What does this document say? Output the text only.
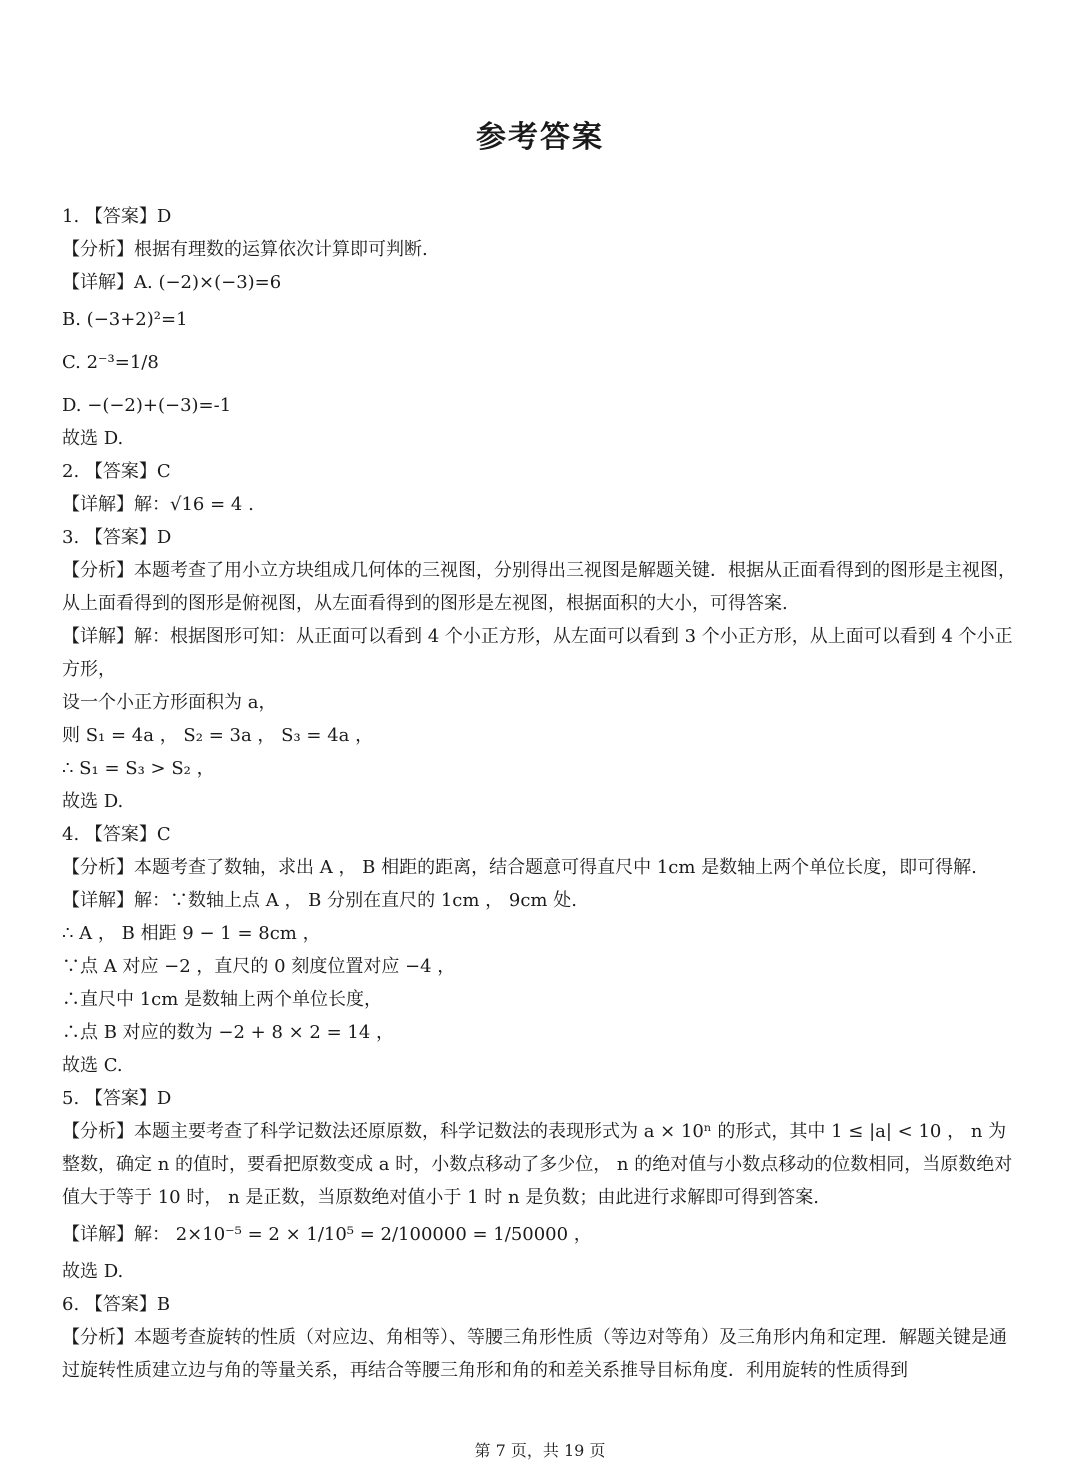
参考答案
1. 【答案】D
【分析】根据有理数的运算依次计算即可判断.
【详解】A. (−2)×(−3)=6
B. (−3+2)²=1
C. 2⁻³=1/8
D. −(−2)+(−3)=-1
故选 D.
2. 【答案】C
【详解】解：√16 = 4 .
3. 【答案】D
【分析】本题考查了用小立方块组成几何体的三视图，分别得出三视图是解题关键．根据从正面看得到的图形是主视图，从上面看得到的图形是俯视图，从左面看得到的图形是左视图，根据面积的大小，可得答案.
【详解】解：根据图形可知：从正面可以看到 4 个小正方形，从左面可以看到 3 个小正方形，从上面可以看到 4 个小正方形，
设一个小正方形面积为 a，
则 S₁ = 4a ， S₂ = 3a ， S₃ = 4a ，
∴ S₁ = S₃ > S₂ ，
故选 D.
4. 【答案】C
【分析】本题考查了数轴，求出 A ， B 相距的距离，结合题意可得直尺中 1cm 是数轴上两个单位长度，即可得解.
【详解】解：∵数轴上点 A ， B 分别在直尺的 1cm ， 9cm 处.
∴ A ， B 相距 9 − 1 = 8cm ，
∵点 A 对应 −2 ，直尺的 0 刻度位置对应 −4 ，
∴直尺中 1cm 是数轴上两个单位长度，
∴点 B 对应的数为 −2 + 8 × 2 = 14 ，
故选 C.
5. 【答案】D
【分析】本题主要考查了科学记数法还原原数，科学记数法的表现形式为 a × 10ⁿ 的形式，其中 1 ≤ |a| < 10 ， n 为整数，确定 n 的值时，要看把原数变成 a 时，小数点移动了多少位， n 的绝对值与小数点移动的位数相同，当原数绝对值大于等于 10 时， n 是正数，当原数绝对值小于 1 时 n 是负数；由此进行求解即可得到答案.
【详解】解： 2×10⁻⁵ = 2 × 1/10⁵ = 2/100000 = 1/50000 ，
故选 D.
6. 【答案】B
【分析】本题考查旋转的性质（对应边、角相等）、等腰三角形性质（等边对等角）及三角形内角和定理．解题关键是通过旋转性质建立边与角的等量关系，再结合等腰三角形和角的和差关系推导目标角度．利用旋转的性质得到
第 7 页，共 19 页
